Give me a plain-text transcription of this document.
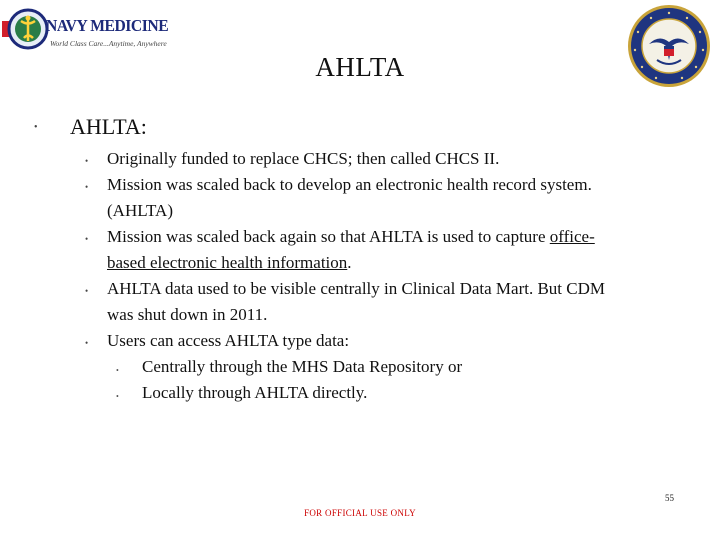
NAVY MEDICINE
World Class Care...Anytime, Anywhere
AHLTA
• AHLTA:
• Originally funded to replace CHCS; then called CHCS II.
• Mission was scaled back to develop an electronic health record system.
(AHLTA)
• Mission was scaled back again so that AHLTA is used to capture office-
based electronic health information.
• AHLTA data used to be visible centrally in Clinical Data Mart. But CDM
was shut down in 2011.
• Users can access AHLTA type data:
• Centrally through the MHS Data Repository or
• Locally through AHLTA directly.
55
FOR OFFICIAL USE ONLY
